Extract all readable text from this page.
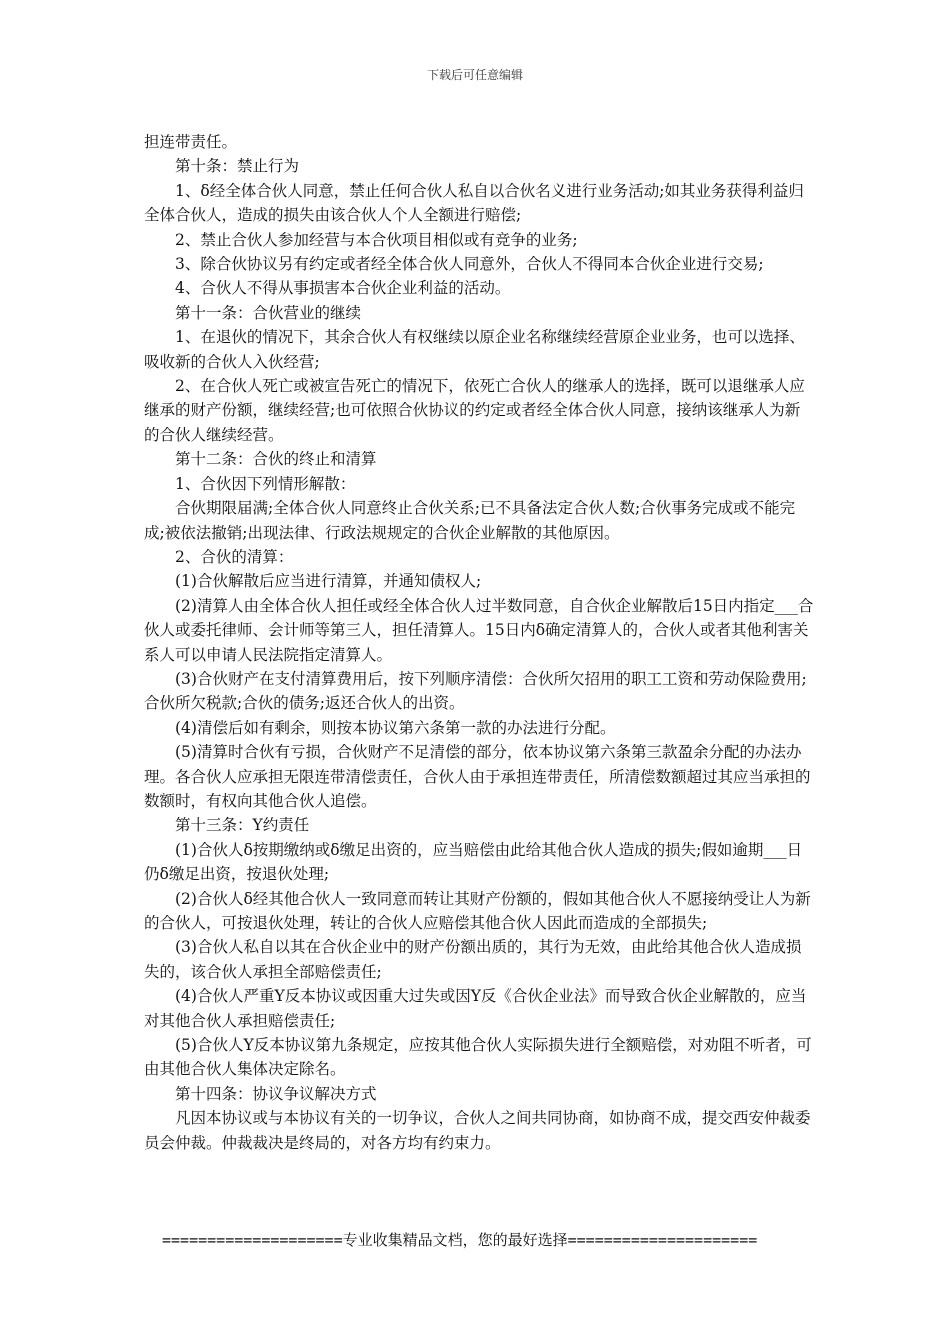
下载后可任意编辑

担连带责任。

第十条：禁止行为

1、δ经全体合伙人同意，禁止任何合伙人私自以合伙名义进行业务活动;如其业务获得利益归全体合伙人，造成的损失由该合伙人个人全额进行赔偿;

2、禁止合伙人参加经营与本合伙项目相似或有竞争的业务;

3、除合伙协议另有约定或者经全体合伙人同意外，合伙人不得同本合伙企业进行交易;

4、合伙人不得从事损害本合伙企业利益的活动。

第十一条：合伙营业的继续

1、在退伙的情况下，其余合伙人有权继续以原企业名称继续经营原企业业务，也可以选择、吸收新的合伙人入伙经营;

2、在合伙人死亡或被宣告死亡的情况下，依死亡合伙人的继承人的选择，既可以退继承人应继承的财产份额，继续经营;也可依照合伙协议的约定或者经全体合伙人同意，接纳该继承人为新的合伙人继续经营。

第十二条：合伙的终止和清算

1、合伙因下列情形解散：

合伙期限届满;全体合伙人同意终止合伙关系;已不具备法定合伙人数;合伙事务完成或不能完成;被依法撤销;出现法律、行政法规规定的合伙企业解散的其他原因。

2、合伙的清算：

(1)合伙解散后应当进行清算，并通知债权人;

(2)清算人由全体合伙人担任或经全体合伙人过半数同意，自合伙企业解散后15日内指定___合伙人或委托律师、会计师等第三人，担任清算人。15日内δ确定清算人的，合伙人或者其他利害关系人可以申请人民法院指定清算人。

(3)合伙财产在支付清算费用后，按下列顺序清偿：合伙所欠招用的职工工资和劳动保险费用;合伙所欠税款;合伙的债务;返还合伙人的出资。

(4)清偿后如有剩余，则按本协议第六条第一款的办法进行分配。

(5)清算时合伙有亏损，合伙财产不足清偿的部分，依本协议第六条第三款盈余分配的办法办理。各合伙人应承担无限连带清偿责任，合伙人由于承担连带责任，所清偿数额超过其应当承担的数额时，有权向其他合伙人追偿。

第十三条：Υ约责任

(1)合伙人δ按期缴纳或δ缴足出资的，应当赔偿由此给其他合伙人造成的损失;假如逾期___日仍δ缴足出资，按退伙处理;

(2)合伙人δ经其他合伙人一致同意而转让其财产份额的，假如其他合伙人不愿接纳受让人为新的合伙人，可按退伙处理，转让的合伙人应赔偿其他合伙人因此而造成的全部损失;

(3)合伙人私自以其在合伙企业中的财产份额出质的，其行为无效，由此给其他合伙人造成损失的，该合伙人承担全部赔偿责任;

(4)合伙人严重Υ反本协议或因重大过失或因Υ反《合伙企业法》而导致合伙企业解散的，应当对其他合伙人承担赔偿责任;

(5)合伙人Υ反本协议第九条规定，应按其他合伙人实际损失进行全额赔偿，对劝阻不听者，可由其他合伙人集体决定除名。

第十四条：协议争议解决方式

凡因本协议或与本协议有关的一切争议，合伙人之间共同协商，如协商不成，提交西安仲裁委员会仲裁。仲裁裁决是终局的，对各方均有约束力。

====================专业收集精品文档，您的最好选择=====================
